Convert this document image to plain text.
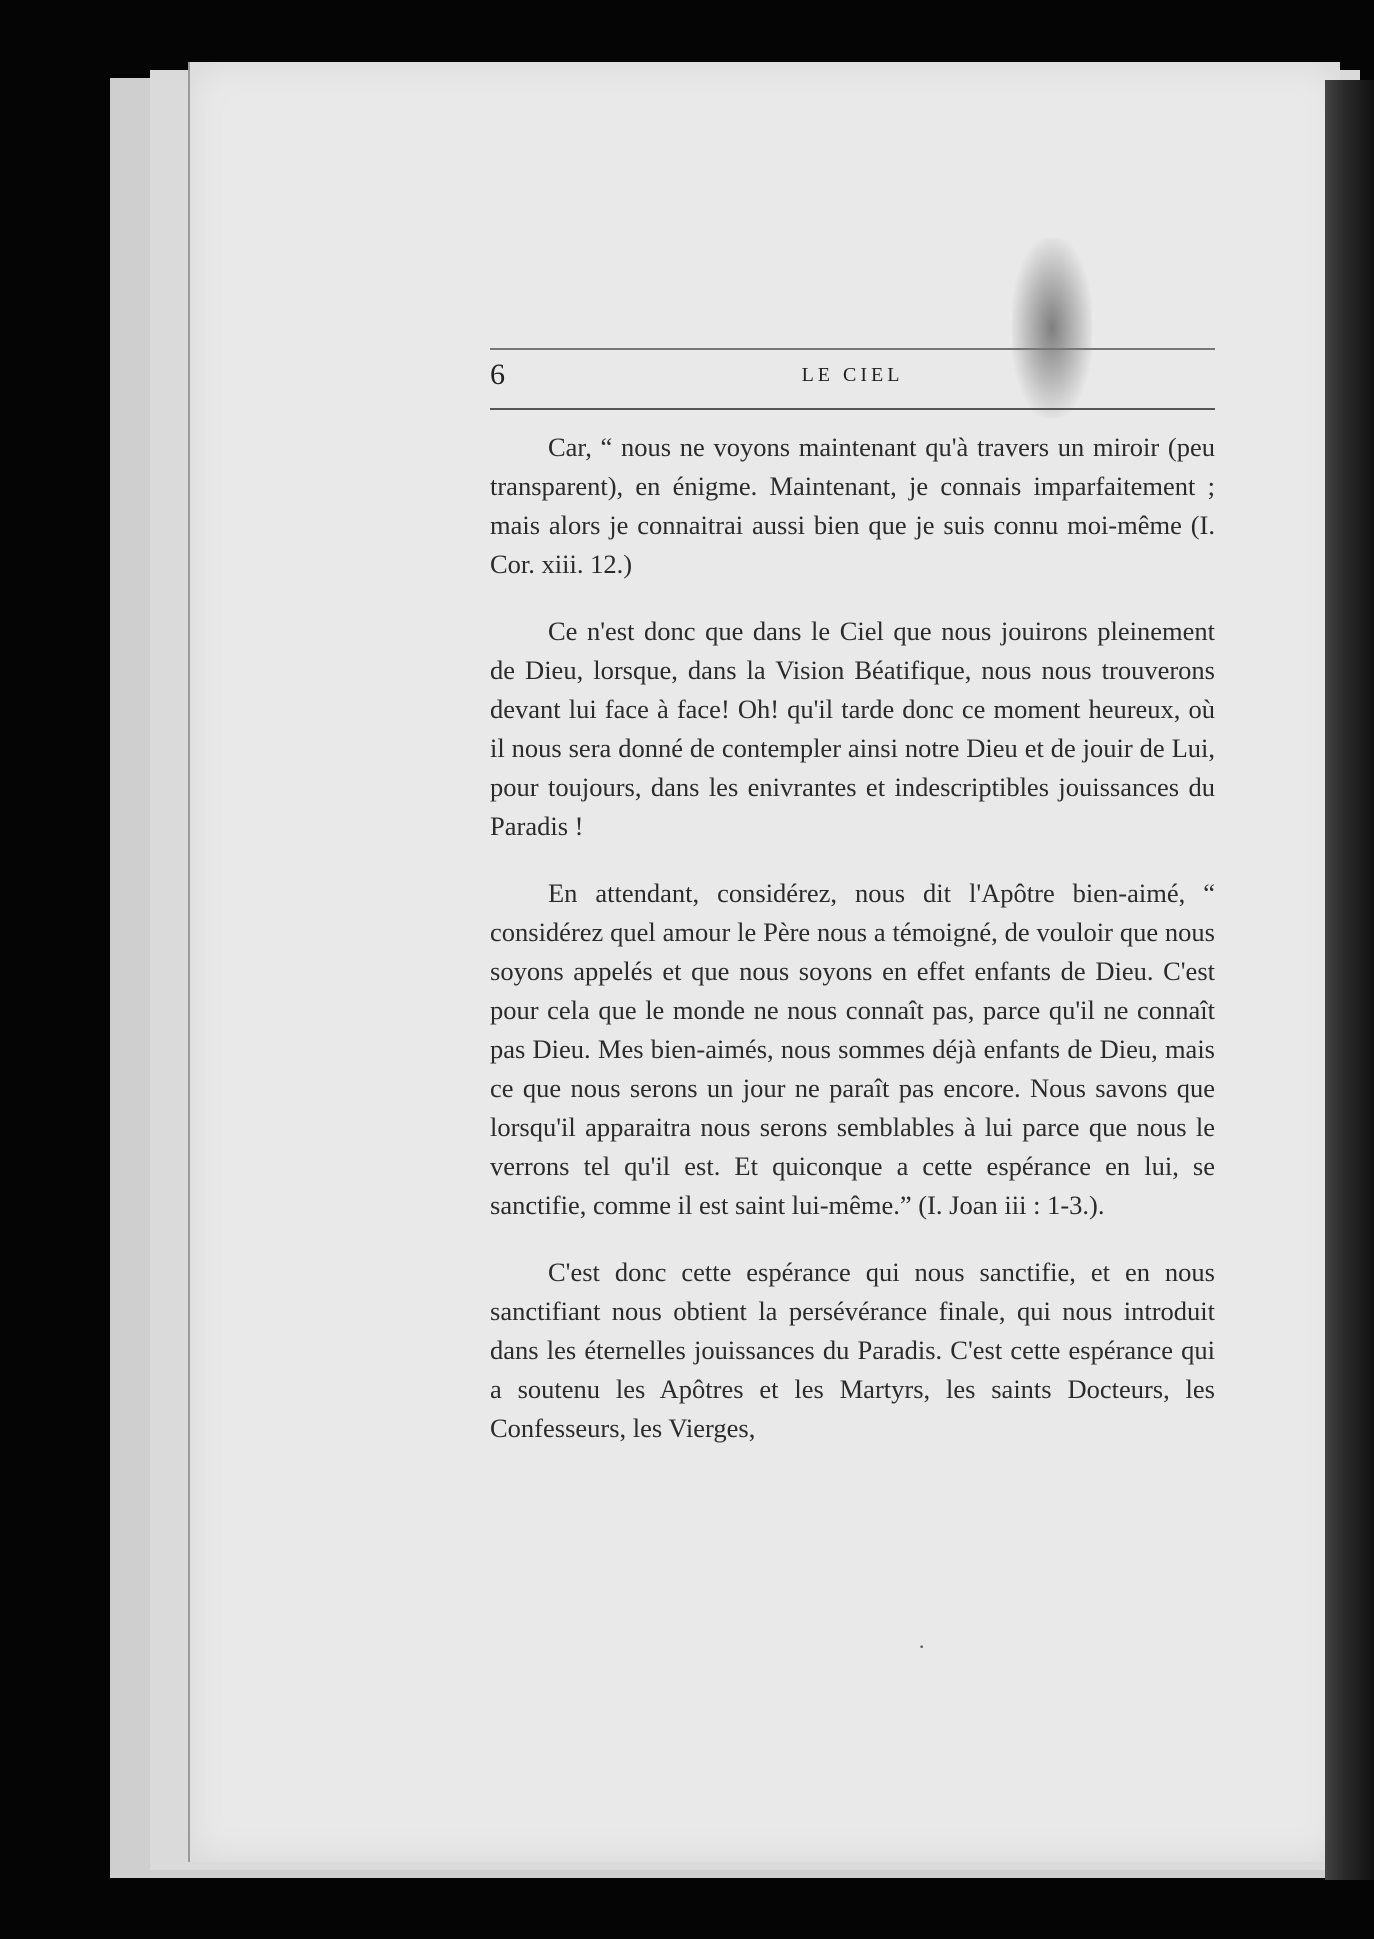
6	LE CIEL

Car, “ nous ne voyons maintenant qu'à travers un miroir (peu transparent), en énigme. Maintenant, je connais imparfaitement ; mais alors je connaitrai aussi bien que je suis connu moi-même (I. Cor. xiii. 12.)

Ce n'est donc que dans le Ciel que nous jouirons pleinement de Dieu, lorsque, dans la Vision Béatifique, nous nous trouverons devant lui face à face! Oh! qu'il tarde donc ce moment heureux, où il nous sera donné de contempler ainsi notre Dieu et de jouir de Lui, pour toujours, dans les enivrantes et indescriptibles jouissances du Paradis !

En attendant, considérez, nous dit l'Apôtre bien-aimé, “ considérez quel amour le Père nous a témoigné, de vouloir que nous soyons appelés et que nous soyons en effet enfants de Dieu. C'est pour cela que le monde ne nous connaît pas, parce qu'il ne connaît pas Dieu. Mes bien-aimés, nous sommes déjà enfants de Dieu, mais ce que nous serons un jour ne paraît pas encore. Nous savons que lorsqu'il apparaitra nous serons semblables à lui parce que nous le verrons tel qu'il est. Et quiconque a cette espérance en lui, se sanctifie, comme il est saint lui-même.” (I. Joan iii : 1-3.).

C'est donc cette espérance qui nous sanctifie, et en nous sanctifiant nous obtient la persévérance finale, qui nous introduit dans les éternelles jouissances du Paradis. C'est cette espérance qui a soutenu les Apôtres et les Martyrs, les saints Docteurs, les Confesseurs, les Vierges,

·
